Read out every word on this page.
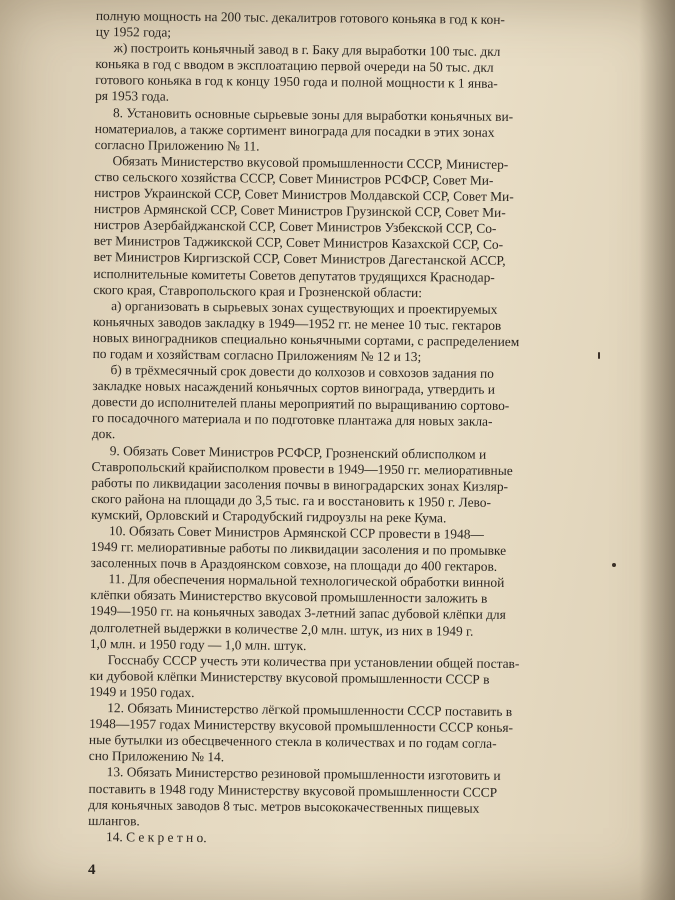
полную мощность на 200 тыс. декалитров готового коньяка в год к кон-
цу 1952 года;
ж) построить коньячный завод в г. Баку для выработки 100 тыс. дкл
коньяка в год с вводом в эксплоатацию первой очереди на 50 тыс. дкл
готового коньяка в год к концу 1950 года и полной мощности к 1 янва-
ря 1953 года.
8. Установить основные сырьевые зоны для выработки коньячных ви-
номатериалов, а также сортимент винограда для посадки в этих зонах
согласно Приложению № 11.
Обязать Министерство вкусовой промышленности СССР, Министер-
ство сельского хозяйства СССР, Совет Министров РСФСР, Совет Ми-
нистров Украинской ССР, Совет Министров Молдавской ССР, Совет Ми-
нистров Армянской ССР, Совет Министров Грузинской ССР, Совет Ми-
нистров Азербайджанской ССР, Совет Министров Узбекской ССР, Со-
вет Министров Таджикской ССР, Совет Министров Казахской ССР, Со-
вет Министров Киргизской ССР, Совет Министров Дагестанской АССР,
исполнительные комитеты Советов депутатов трудящихся Краснодар-
ского края, Ставропольского края и Грозненской области:
а) организовать в сырьевых зонах существующих и проектируемых
коньячных заводов закладку в 1949—1952 гг. не менее 10 тыс. гектаров
новых виноградников специально коньячными сортами, с распределением
по годам и хозяйствам согласно Приложениям № 12 и 13;
б) в трёхмесячный срок довести до колхозов и совхозов задания по
закладке новых насаждений коньячных сортов винограда, утвердить и
довести до исполнителей планы мероприятий по выращиванию сортово-
го посадочного материала и по подготовке плантажа для новых заклa-
док.
9. Обязать Совет Министров РСФСР, Грозненский облисполком и
Ставропольский крайисполком провести в 1949—1950 гг. мелиоративные
работы по ликвидации засоления почвы в виноградарских зонах Кизляр-
ского района на площади до 3,5 тыс. га и восстановить к 1950 г. Лево-
кумский, Орловский и Стародубский гидроузлы на реке Кума.
10. Обязать Совет Министров Армянской ССР провести в 1948—
1949 гг. мелиоративные работы по ликвидации засоления и по промывке
засоленных почв в Араздоянском совхозе, на площади до 400 гектаров.
11. Для обеспечения нормальной технологической обработки винной
клёпки обязать Министерство вкусовой промышленности заложить в
1949—1950 гг. на коньячных заводах 3-летний запас дубовой клёпки для
долголетней выдержки в количестве 2,0 млн. штук, из них в 1949 г.
1,0 млн. и 1950 году — 1,0 млн. штук.
Госснабу СССР учесть эти количества при установлении общей постав-
ки дубовой клёпки Министерству вкусовой промышленности СССР в
1949 и 1950 годах.
12. Обязать Министерство лёгкой промышленности СССР поставить в
1948—1957 годах Министерству вкусовой промышленности СССР конья-
ные бутылки из обесцвеченного стекла в количествах и по годам согла-
сно Приложению № 14.
13. Обязать Министерство резиновой промышленности изготовить и
поставить в 1948 году Министерству вкусовой промышленности СССР
для коньячных заводов 8 тыс. метров высококачественных пищевых
шлангов.
14. С е к р е т н о.
4
